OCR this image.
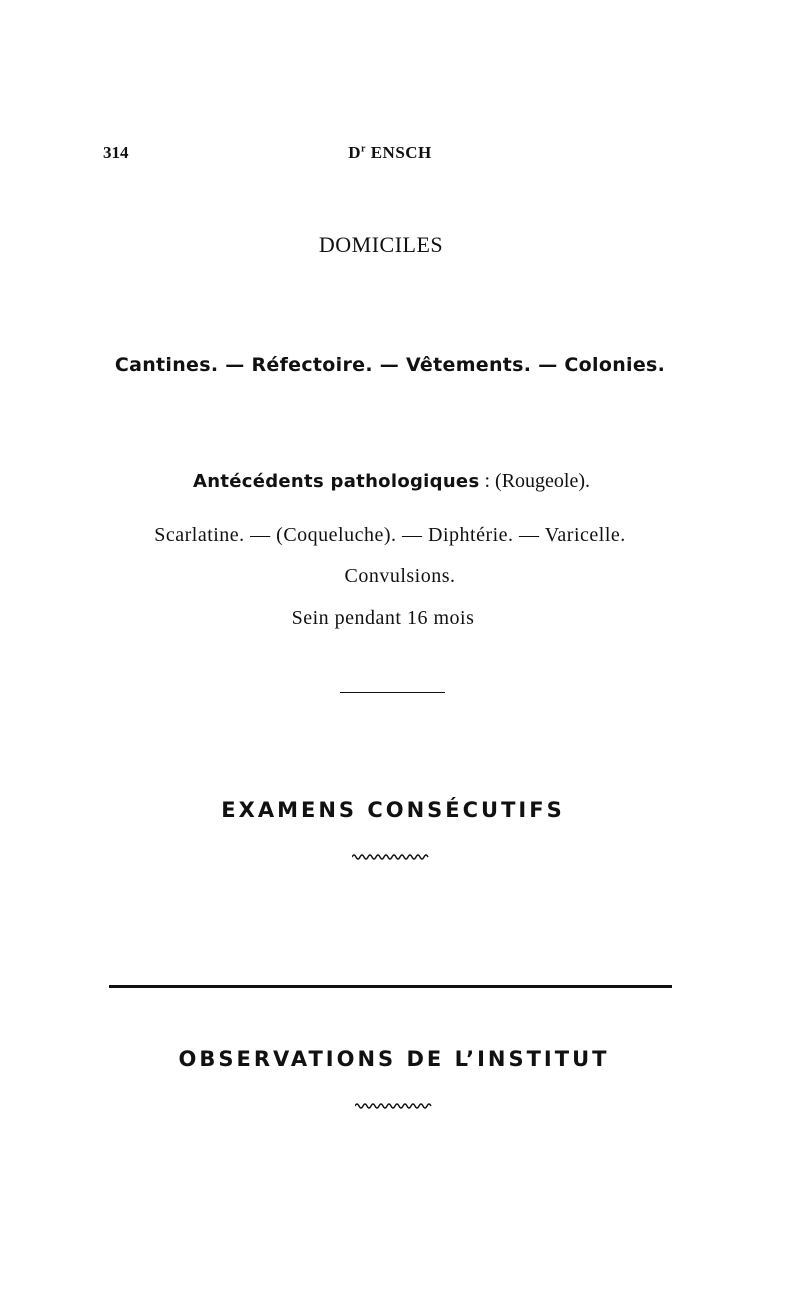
314	$D^r$ ENSCH
DOMICILES
Cantines. — Réfectoire. — Vêtements. — Colonies.
Antécédents pathologiques : (Rougeole).
Scarlatine. — (Coqueluche). — Diphtérie. — Varicelle.
Convulsions.
Sein pendant 16 mois
EXAMENS CONSÉCUTIFS
OBSERVATIONS DE L’INSTITUT
